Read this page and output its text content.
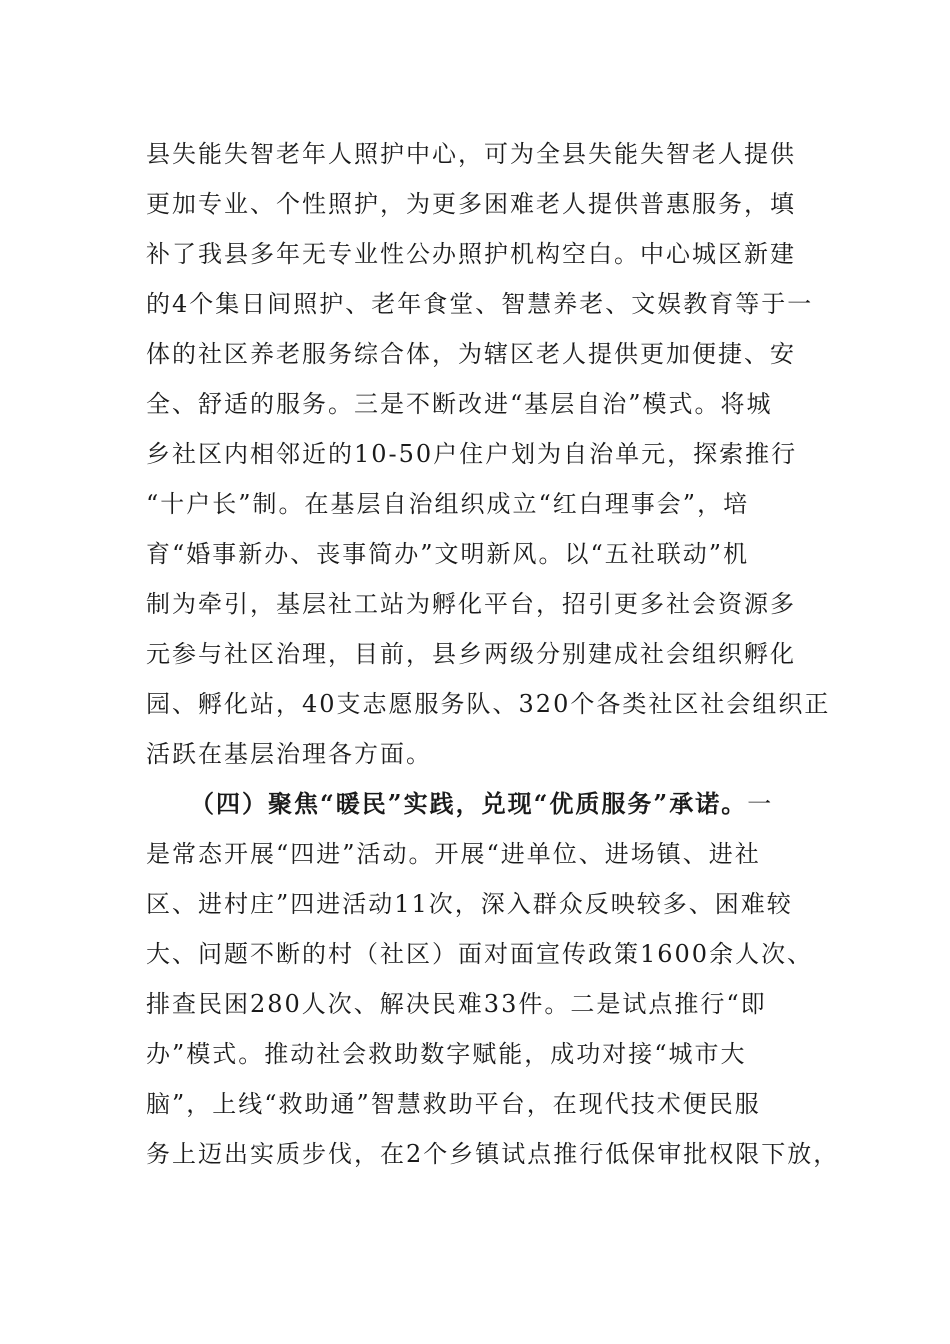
县失能失智老年人照护中心，可为全县失能失智老人提供
更加专业、个性照护，为更多困难老人提供普惠服务，填
补了我县多年无专业性公办照护机构空白。中心城区新建
的4个集日间照护、老年食堂、智慧养老、文娱教育等于一
体的社区养老服务综合体，为辖区老人提供更加便捷、安
全、舒适的服务。三是不断改进“基层自治”模式。将城
乡社区内相邻近的10-50户住户划为自治单元，探索推行
“十户长”制。在基层自治组织成立“红白理事会”，培
育“婚事新办、丧事简办”文明新风。以“五社联动”机
制为牵引，基层社工站为孵化平台，招引更多社会资源多
元参与社区治理，目前，县乡两级分别建成社会组织孵化
园、孵化站，40支志愿服务队、320个各类社区社会组织正
活跃在基层治理各方面。
（四）聚焦“暖民”实践，兑现“优质服务”承诺。一
是常态开展“四进”活动。开展“进单位、进场镇、进社
区、进村庄”四进活动11次，深入群众反映较多、困难较
大、问题不断的村（社区）面对面宣传政策1600余人次、
排查民困280人次、解决民难33件。二是试点推行“即
办”模式。推动社会救助数字赋能，成功对接“城市大
脑”，上线“救助通”智慧救助平台，在现代技术便民服
务上迈出实质步伐，在2个乡镇试点推行低保审批权限下放，
